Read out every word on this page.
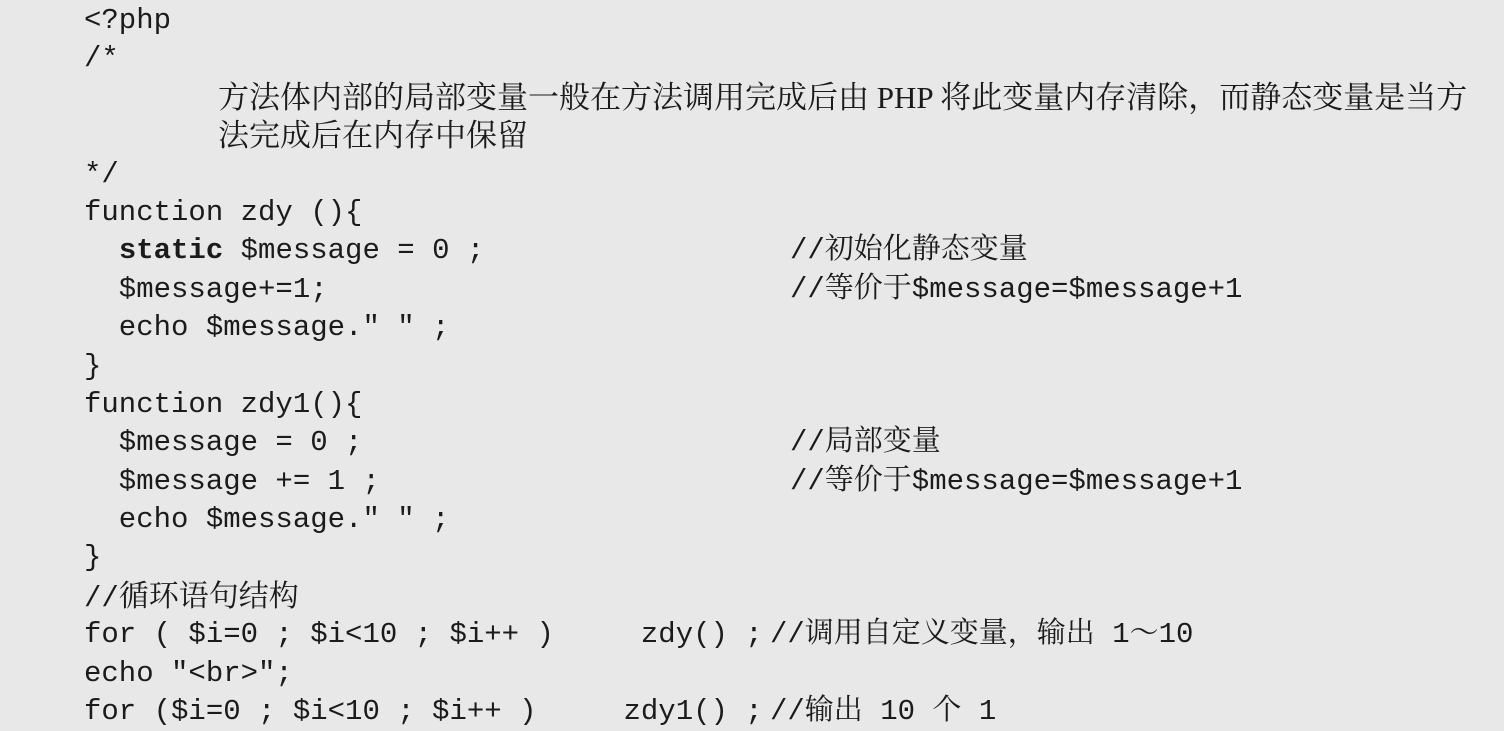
<?php
/*
方法体内部的局部变量一般在方法调用完成后由 PHP 将此变量内存清除，而静态变量是当方
法完成后在内存中保留
*/
function zdy (){
static $message = 0 ;	//初始化静态变量
$message+=1;	//等价于$message=$message+1
echo $message." " ;
}
function zdy1(){
$message = 0 ;	//局部变量
$message += 1 ;	//等价于$message=$message+1
echo $message." " ;
}
//循环语句结构
for ( $i=0 ; $i<10 ; $i++ )     zdy() ; //调用自定义变量，输出 1～10
echo "<br>";
for ($i=0 ; $i<10 ; $i++ )     zdy1() ; //输出 10 个 1
